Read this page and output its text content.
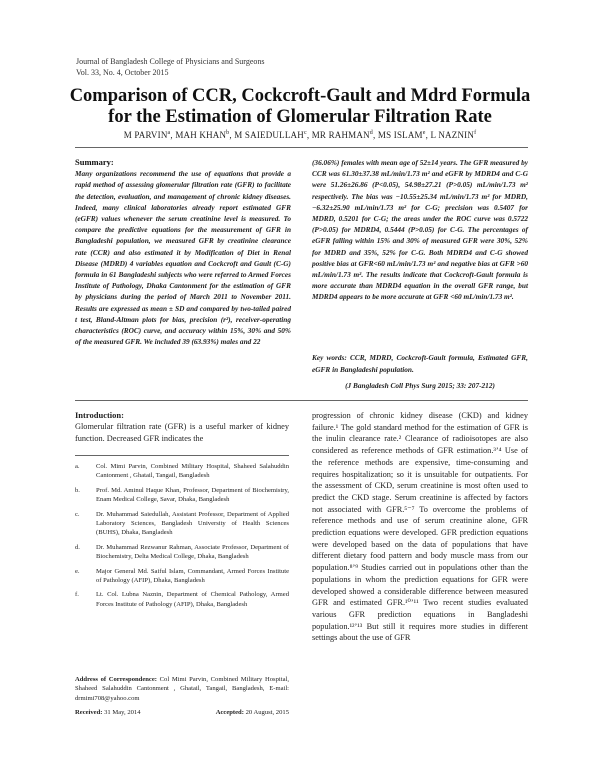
Journal of Bangladesh College of Physicians and Surgeons
Vol. 33, No. 4, October 2015
Comparison of CCR, Cockcroft-Gault and Mdrd Formula
for the Estimation of Glomerular Filtration Rate
M PARVIN$^a$, MAH KHAN$^b$, M SAIEDULLAH$^c$, MR RAHMAN$^d$, MS ISLAM$^e$, L NAZNIN$^f$
Summary:

Many organizations recommend the use of equations that provide a rapid method of assessing glomerular filtration rate (GFR) to facilitate the detection, evaluation, and management of chronic kidney diseases. Indeed, many clinical laboratories already report estimated GFR (eGFR) values whenever the serum creatinine level is measured. To compare the predictive equations for the measurement of GFR in Bangladeshi population, we measured GFR by creatinine clearance rate (CCR) and also estimated it by Modification of Diet in Renal Disease (MDRD) 4 variables equation and Cockcroft and Gault (C-G) formula in 61 Bangladeshi subjects who were referred to Armed Forces Institute of Pathology, Dhaka Cantonment for the estimation of GFR by physicians during the period of March 2011 to November 2011. Results are expressed as mean ± SD and compared by two-tailed paired t test, Bland-Altman plots for bias, precision (r²), receiver-operating characteristics (ROC) curve, and accuracy within 15%, 30% and 50% of the measured GFR. We included 39 (63.93%) males and 22

(36.06%) females with mean age of 52±14 years. The GFR measured by CCR was 61.30±37.38 mL/min/1.73 m² and eGFR by MDRD4 and C-G were 51.26±26.86 (P<0.05), 54.98±27.21 (P>0.05) mL/min/1.73 m² respectively. The bias was −10.55±25.34 mL/min/1.73 m² for MDRD, −6.32±25.90 mL/min/1.73 m² for C-G; precision was 0.5407 for MDRD, 0.5201 for C-G; the areas under the ROC curve was 0.5722 (P>0.05) for MDRD4, 0.5444 (P>0.05) for C-G. The percentages of eGFR falling within 15% and 30% of measured GFR were 30%, 52% for MDRD and 35%, 52% for C-G. Both MDRD4 and C-G showed positive bias at GFR<60 mL/min/1.73 m² and negative bias at GFR >60 mL/min/1.73 m². The results indicate that Cockcroft-Gault formula is more accurate than MDRD4 equation in the overall GFR range, but MDRD4 appears to be more accurate at GFR <60 mL/min/1.73 m².

Key words: CCR, MDRD, Cockcroft-Gault formula, Estimated GFR, eGFR in Bangladeshi population.
(J Bangladesh Coll Phys Surg 2015; 33: 207-212)
Introduction:
Glomerular filtration rate (GFR) is a useful marker of kidney function. Decreased GFR indicates the
a.	Col. Mimi Parvin, Combined Military Hospital, Shaheed Salahuddin Cantonment , Ghatail, Tangail, Bangladesh
b.	Prof. Md. Aminul Haque Khan, Professor, Department of Biochemistry, Enam Medical College, Savar, Dhaka, Bangladesh
c.	Dr. Muhammad Saiedullah, Assistant Professor, Department of Applied Laboratory Sciences, Bangladesh University of Health Sciences (BUHS), Dhaka, Bangladesh
d.	Dr. Muhammad Rezwanur Rahman, Associate Professor, Department of Biochemistry, Delta Medical College, Dhaka, Bangladesh
e.	Major General Md. Saiful Islam, Commandant, Armed Forces Institute of Pathology (AFIP), Dhaka, Bangladesh
f.	Lt. Col. Lubna Naznin, Department of Chemical Pathology, Armed Forces Institute of Pathology (AFIP), Dhaka, Bangladesh
Address of Correspondence: Col Mimi Parvin, Combined Military Hospital, Shaheed Salahuddin Cantonment , Ghatail, Tangail, Bangladesh, E-mail: drmimi708@yahoo.com
Received: 31 May, 2014	Accepted: 20 August, 2015
progression of chronic kidney disease (CKD) and kidney failure.¹ The gold standard method for the estimation of GFR is the inulin clearance rate.² Clearance of radioisotopes are also considered as reference methods of GFR estimation.³ʼ⁴ Use of the reference methods are expensive, time-consuming and requires hospitalization; so it is unsuitable for outpatients. For the assessment of CKD, serum creatinine is most often used to predict the CKD stage. Serum creatinine is affected by factors not associated with GFR.⁵⁻⁷ To overcome the problems of reference methods and use of serum creatinine alone, GFR prediction equations were developed. GFR prediction equations were developed based on the data of populations that have different dietary food pattern and body muscle mass from our population.⁸ʼ⁹ Studies carried out in populations other than the populations in whom the prediction equations for GFR were developed showed a considerable difference between measured GFR and estimated GFR.¹⁰ʼ¹¹ Two recent studies evaluated various GFR prediction equations in Bangladeshi population.¹²ʼ¹³ But still it requires more studies in different settings about the use of GFR
